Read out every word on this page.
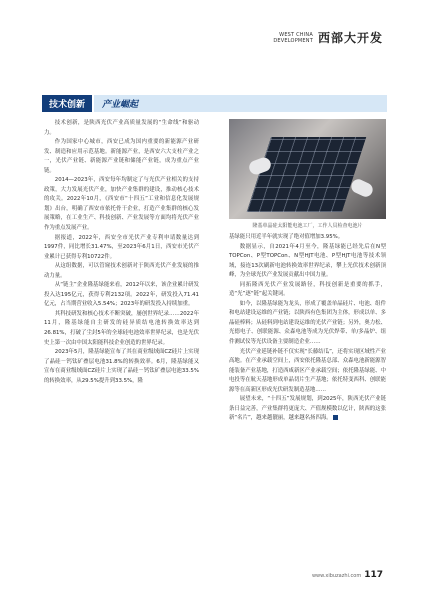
WEST CHINA
DEVELOPMENT 西部大开发
技术创新	产业崛起

技术创新，是陕西光伏产业高质量发展的“生命线”和驱动力。

作为国家中心城市，西安已成为国内重要的新能源产业研发、制造和应用示范基地。新能源产业，是西安六大支柱产业之一，光伏产业链、新能源产业链和储能产业链，成为重点产业链。

2014—2023年，西安每年均制定了与光伏产业相关的支持政策，大力发展光伏产业，加快产业集群的建设，推动核心技术的攻关。2022年10月，《西安市“十四五”工业和信息化发展规划》出台，明确了西安市依托骨干企业，打造产业集群的核心发展策略，在工业生产、科技创新、产业发展等方面均将光伏产业作为重点发展产业。

据报道，2022年，西安全市光伏产业专利申请数量达到1997件，同比增长31.47%，至2023年6月1日，西安市光伏产业累计已获得专利10722件。

从这组数据，可以管窥技术创新对于陕西光伏产业发展的推动力量。

从“链主”企业隆基绿能来看，2012年以来，该企业累计研发投入达195亿元，获得专利2132项。2022年，研发投入71.41亿元，占当期营业收入5.54%；2023年的研发投入持续加重。

其科技研发和核心技术不断突破，屡创世界纪录……2022年11月，隆基绿能自主研发的硅异质结电池转换效率达到26.81%，打破了尘封5年的全球硅电池效率世界纪录，也是光伏史上第一次由中国太阳能科技企业创造的世界纪录。

2023年5月，隆基绿能宣布了其在商业级绒面CZ硅片上实现了晶硅－钙钛矿叠层电池31.8%的转换效率。6月，隆基绿能又宣布在商业级绒面CZ硅片上实现了晶硅－钙钛矿叠层电池33.5%的转换效率，从29.5%提升到33.5%，隆

隆基单晶硅太阳能电池工厂，工作人员检查电池片

基绿能只用近半年就实现了绝对值增加3.95%。

数据显示，自2021年4月至今，隆基绿能已经先后在N型TOPCon、P型TOPCon、N型HJT电池、P型HJT电池等技术领域，接连13次刷新电池转换效率世界纪录，攀上光伏技术创新顶峰，为全球光伏产业发展贡献出中国力量。

同拓隆西光伏产业发展路径，科技创新是重要的抓手，造“光”逐“链”起关键词。

如今，以隆基绿能为龙头，形成了覆盖单晶硅片、电池、组件和电站建设运维的产业链；以陕西有色集团为主体，形成以单、多晶硅棒料；从硅料到电站建设运维的光伏产业链；另外，奥力松、光德电子、创联能源、众森电池等成为光伏焊带、单/多晶炉、组件测试仪等光伏设备主要制造企业……

光伏产业延链补链不仅实现“长藤结瓜”，还将实现区域性产业高地。在产业承载空间上，西安依托隆基总部、众森电池新能源智能装备产业基地，打造西咸新区产业承载空间；依托隆基绿能、中电投等在航天基地形成单晶切片生产基地；依托特变西科、创联能源等在高新区形成光伏研发制造基地……

展望未来，“十四五”发展规划，到2025年，陕西光伏产业链条日益完善，产业集群将更庞大、产值规模数以亿计，陕西的这张新“名片”，越来越靓丽，越来越名扬四海。

www.xibuzazhi.com 117
